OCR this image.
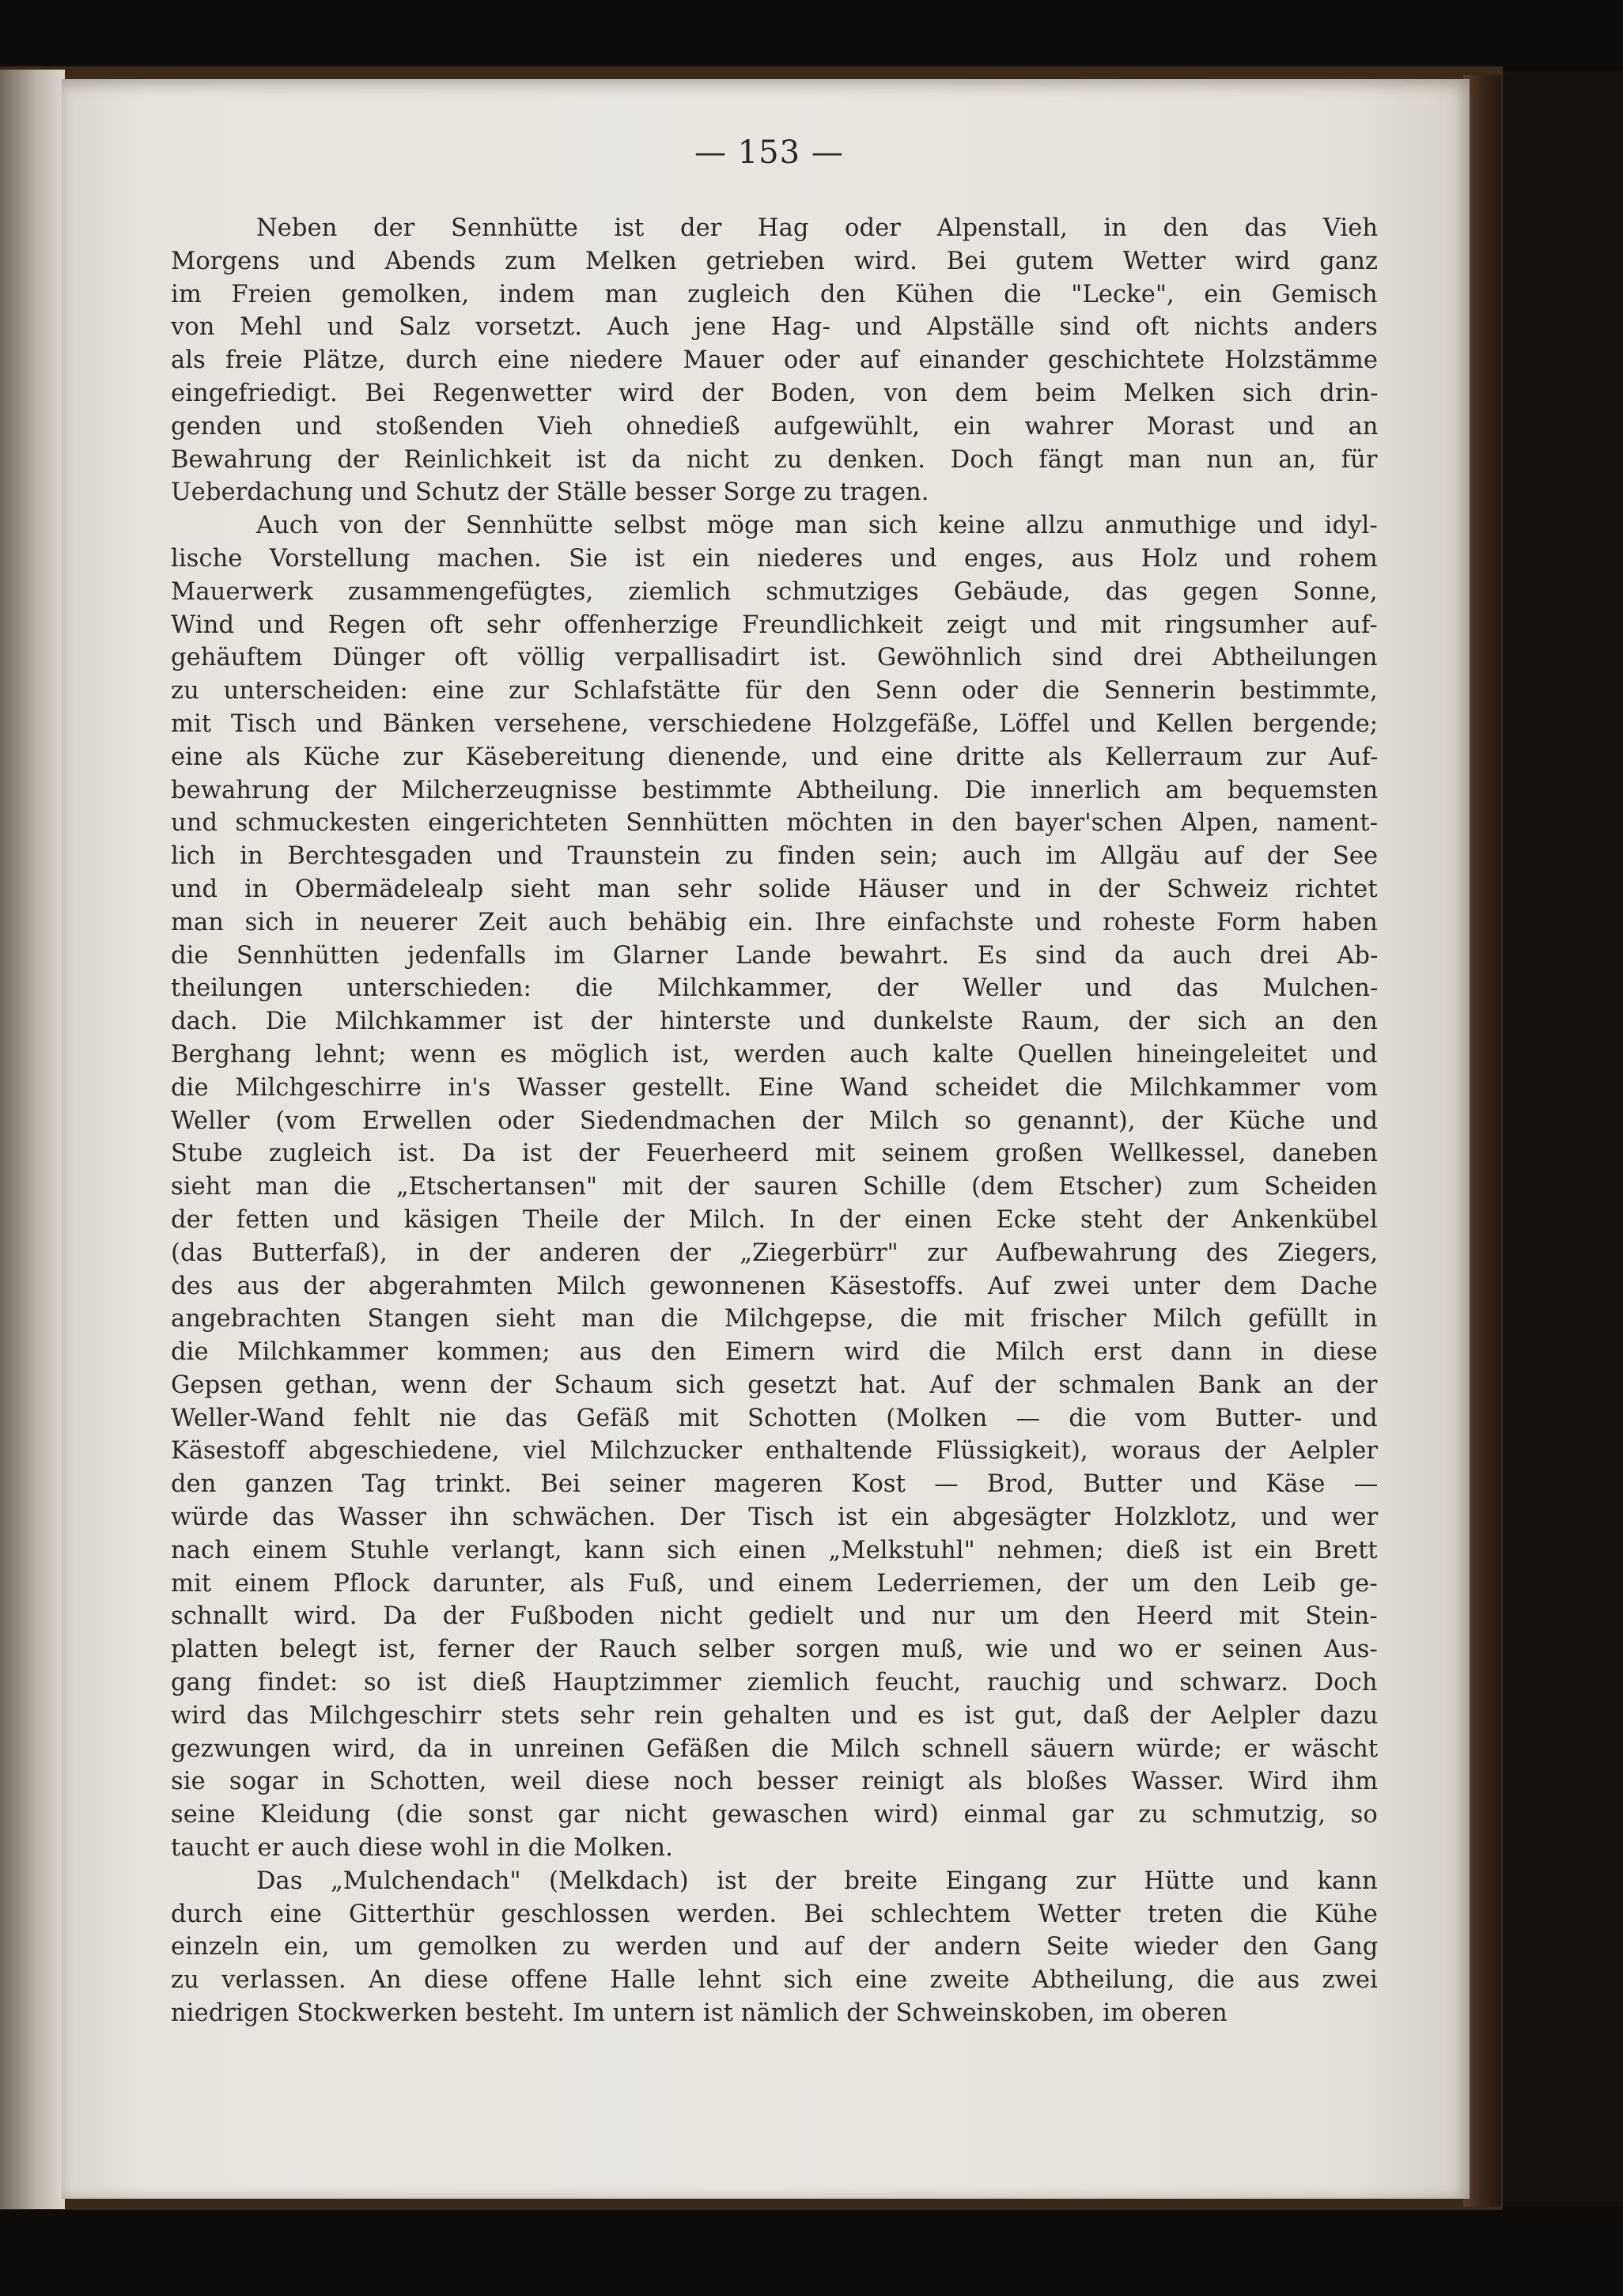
— 153 —
Neben der Sennhütte ist der Hag oder Alpenstall, in den das Vieh
Morgens und Abends zum Melken getrieben wird. Bei gutem Wetter wird ganz
im Freien gemolken, indem man zugleich den Kühen die "Lecke", ein Gemisch
von Mehl und Salz vorsetzt. Auch jene Hag- und Alpställe sind oft nichts anders
als freie Plätze, durch eine niedere Mauer oder auf einander geschichtete Holzstämme
eingefriedigt. Bei Regenwetter wird der Boden, von dem beim Melken sich drin-
genden und stoßenden Vieh ohnedieß aufgewühlt, ein wahrer Morast und an
Bewahrung der Reinlichkeit ist da nicht zu denken. Doch fängt man nun an, für
Ueberdachung und Schutz der Ställe besser Sorge zu tragen.
Auch von der Sennhütte selbst möge man sich keine allzu anmuthige und idyl-
lische Vorstellung machen. Sie ist ein niederes und enges, aus Holz und rohem
Mauerwerk zusammengefügtes, ziemlich schmutziges Gebäude, das gegen Sonne,
Wind und Regen oft sehr offenherzige Freundlichkeit zeigt und mit ringsumher auf-
gehäuftem Dünger oft völlig verpallisadirt ist. Gewöhnlich sind drei Abtheilungen
zu unterscheiden: eine zur Schlafstätte für den Senn oder die Sennerin bestimmte,
mit Tisch und Bänken versehene, verschiedene Holzgefäße, Löffel und Kellen bergende;
eine als Küche zur Käsebereitung dienende, und eine dritte als Kellerraum zur Auf-
bewahrung der Milcherzeugnisse bestimmte Abtheilung. Die innerlich am bequemsten
und schmuckesten eingerichteten Sennhütten möchten in den bayer'schen Alpen, nament-
lich in Berchtesgaden und Traunstein zu finden sein; auch im Allgäu auf der See
und in Obermädelealp sieht man sehr solide Häuser und in der Schweiz richtet
man sich in neuerer Zeit auch behäbig ein. Ihre einfachste und roheste Form haben
die Sennhütten jedenfalls im Glarner Lande bewahrt. Es sind da auch drei Ab-
theilungen unterschieden: die Milchkammer, der Weller und das Mulchen-
dach. Die Milchkammer ist der hinterste und dunkelste Raum, der sich an den
Berghang lehnt; wenn es möglich ist, werden auch kalte Quellen hineingeleitet und
die Milchgeschirre in's Wasser gestellt. Eine Wand scheidet die Milchkammer vom
Weller (vom Erwellen oder Siedendmachen der Milch so genannt), der Küche und
Stube zugleich ist. Da ist der Feuerheerd mit seinem großen Wellkessel, daneben
sieht man die „Etschertansen" mit der sauren Schille (dem Etscher) zum Scheiden
der fetten und käsigen Theile der Milch. In der einen Ecke steht der Ankenkübel
(das Butterfaß), in der anderen der „Ziegerbürr" zur Aufbewahrung des Ziegers,
des aus der abgerahmten Milch gewonnenen Käsestoffs. Auf zwei unter dem Dache
angebrachten Stangen sieht man die Milchgepse, die mit frischer Milch gefüllt in
die Milchkammer kommen; aus den Eimern wird die Milch erst dann in diese
Gepsen gethan, wenn der Schaum sich gesetzt hat. Auf der schmalen Bank an der
Weller-Wand fehlt nie das Gefäß mit Schotten (Molken — die vom Butter- und
Käsestoff abgeschiedene, viel Milchzucker enthaltende Flüssigkeit), woraus der Aelpler
den ganzen Tag trinkt. Bei seiner mageren Kost — Brod, Butter und Käse —
würde das Wasser ihn schwächen. Der Tisch ist ein abgesägter Holzklotz, und wer
nach einem Stuhle verlangt, kann sich einen „Melkstuhl" nehmen; dieß ist ein Brett
mit einem Pflock darunter, als Fuß, und einem Lederriemen, der um den Leib ge-
schnallt wird. Da der Fußboden nicht gedielt und nur um den Heerd mit Stein-
platten belegt ist, ferner der Rauch selber sorgen muß, wie und wo er seinen Aus-
gang findet: so ist dieß Hauptzimmer ziemlich feucht, rauchig und schwarz. Doch
wird das Milchgeschirr stets sehr rein gehalten und es ist gut, daß der Aelpler dazu
gezwungen wird, da in unreinen Gefäßen die Milch schnell säuern würde; er wäscht
sie sogar in Schotten, weil diese noch besser reinigt als bloßes Wasser. Wird ihm
seine Kleidung (die sonst gar nicht gewaschen wird) einmal gar zu schmutzig, so
taucht er auch diese wohl in die Molken.
Das „Mulchendach" (Melkdach) ist der breite Eingang zur Hütte und kann
durch eine Gitterthür geschlossen werden. Bei schlechtem Wetter treten die Kühe
einzeln ein, um gemolken zu werden und auf der andern Seite wieder den Gang
zu verlassen. An diese offene Halle lehnt sich eine zweite Abtheilung, die aus zwei
niedrigen Stockwerken besteht. Im untern ist nämlich der Schweinskoben, im oberen
